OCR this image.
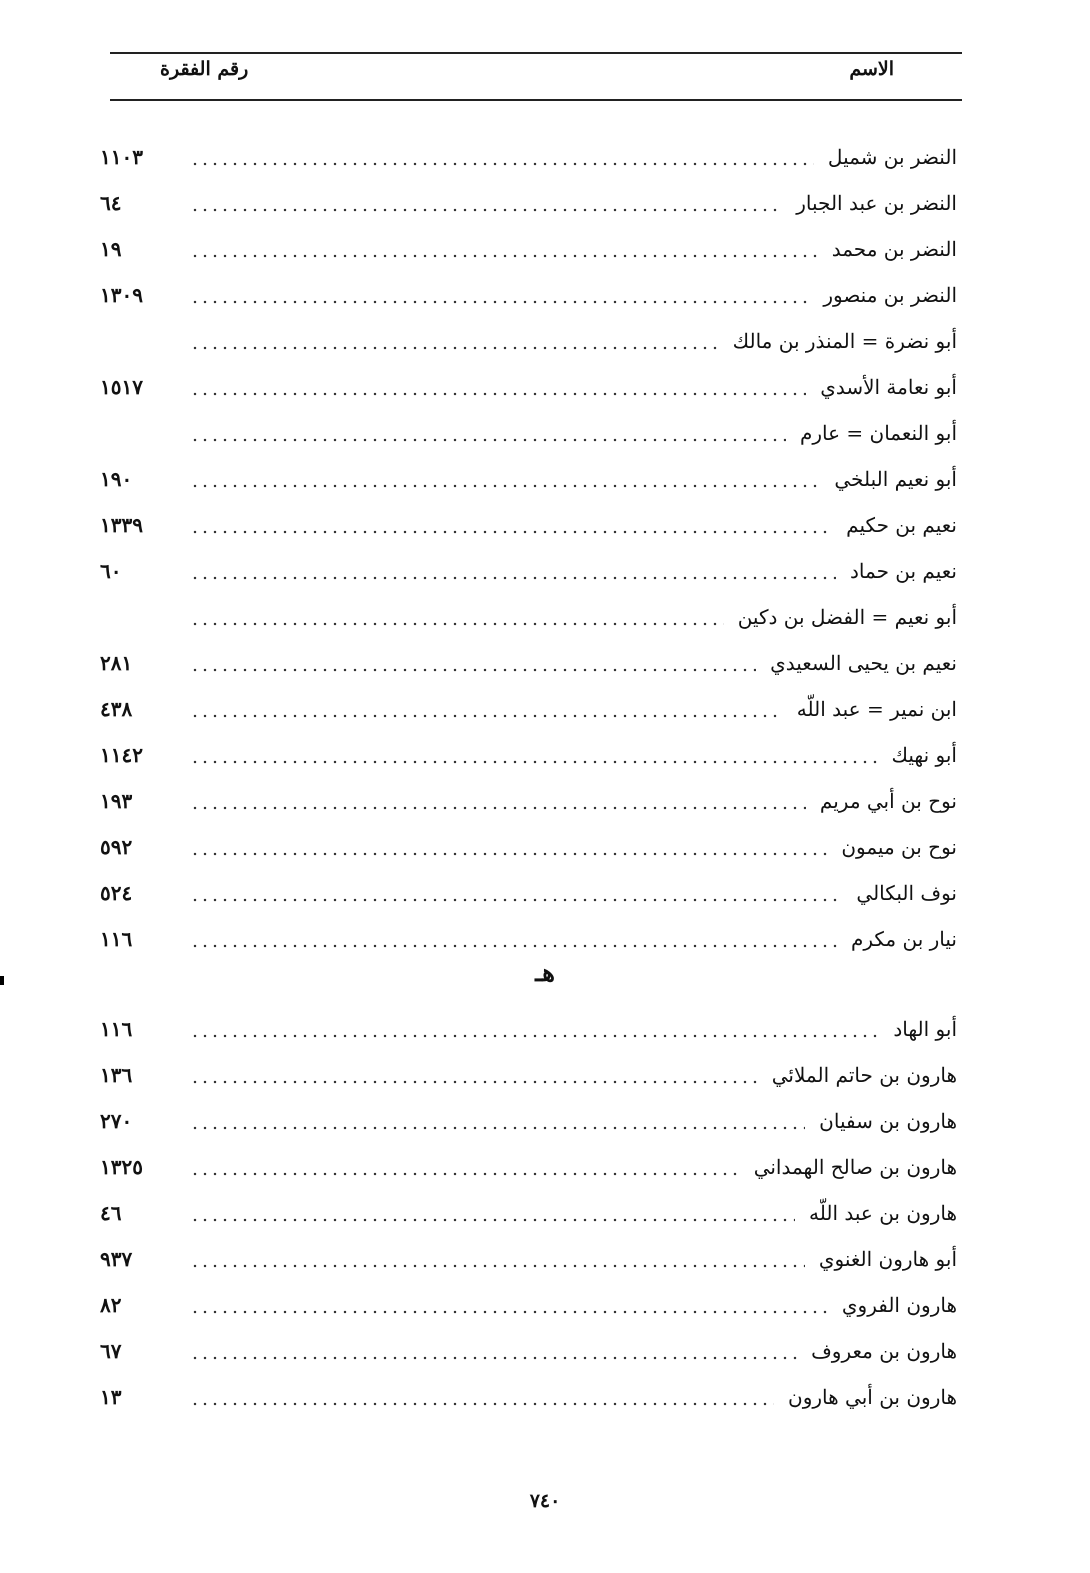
الاسم
رقم الفقرة
النضر بن شميل
١١٠٣
النضر بن عبد الجبار
٦٤
النضر بن محمد
١٩
النضر بن منصور
١٣٠٩
أبو نضرة = المنذر بن مالك
أبو نعامة الأسدي
١٥١٧
أبو النعمان = عارم
أبو نعيم البلخي
١٩٠
نعيم بن حكيم
١٣٣٩
نعيم بن حماد
٦٠
أبو نعيم = الفضل بن دكين
نعيم بن يحيى السعيدي
٢٨١
ابن نمير = عبد اللّه
٤٣٨
أبو نهيك
١١٤٢
نوح بن أبي مريم
١٩٣
نوح بن ميمون
٥٩٢
نوف البكالي
٥٢٤
نيار بن مكرم
١١٦
هـ
أبو الهاد
١١٦
هارون بن حاتم الملائي
١٣٦
هارون بن سفيان
٢٧٠
هارون بن صالح الهمداني
١٣٢٥
هارون بن عبد اللّه
٤٦
أبو هارون الغنوي
٩٣٧
هارون الفروي
٨٢
هارون بن معروف
٦٧
هارون بن أبي هارون
١٣
٧٤٠
